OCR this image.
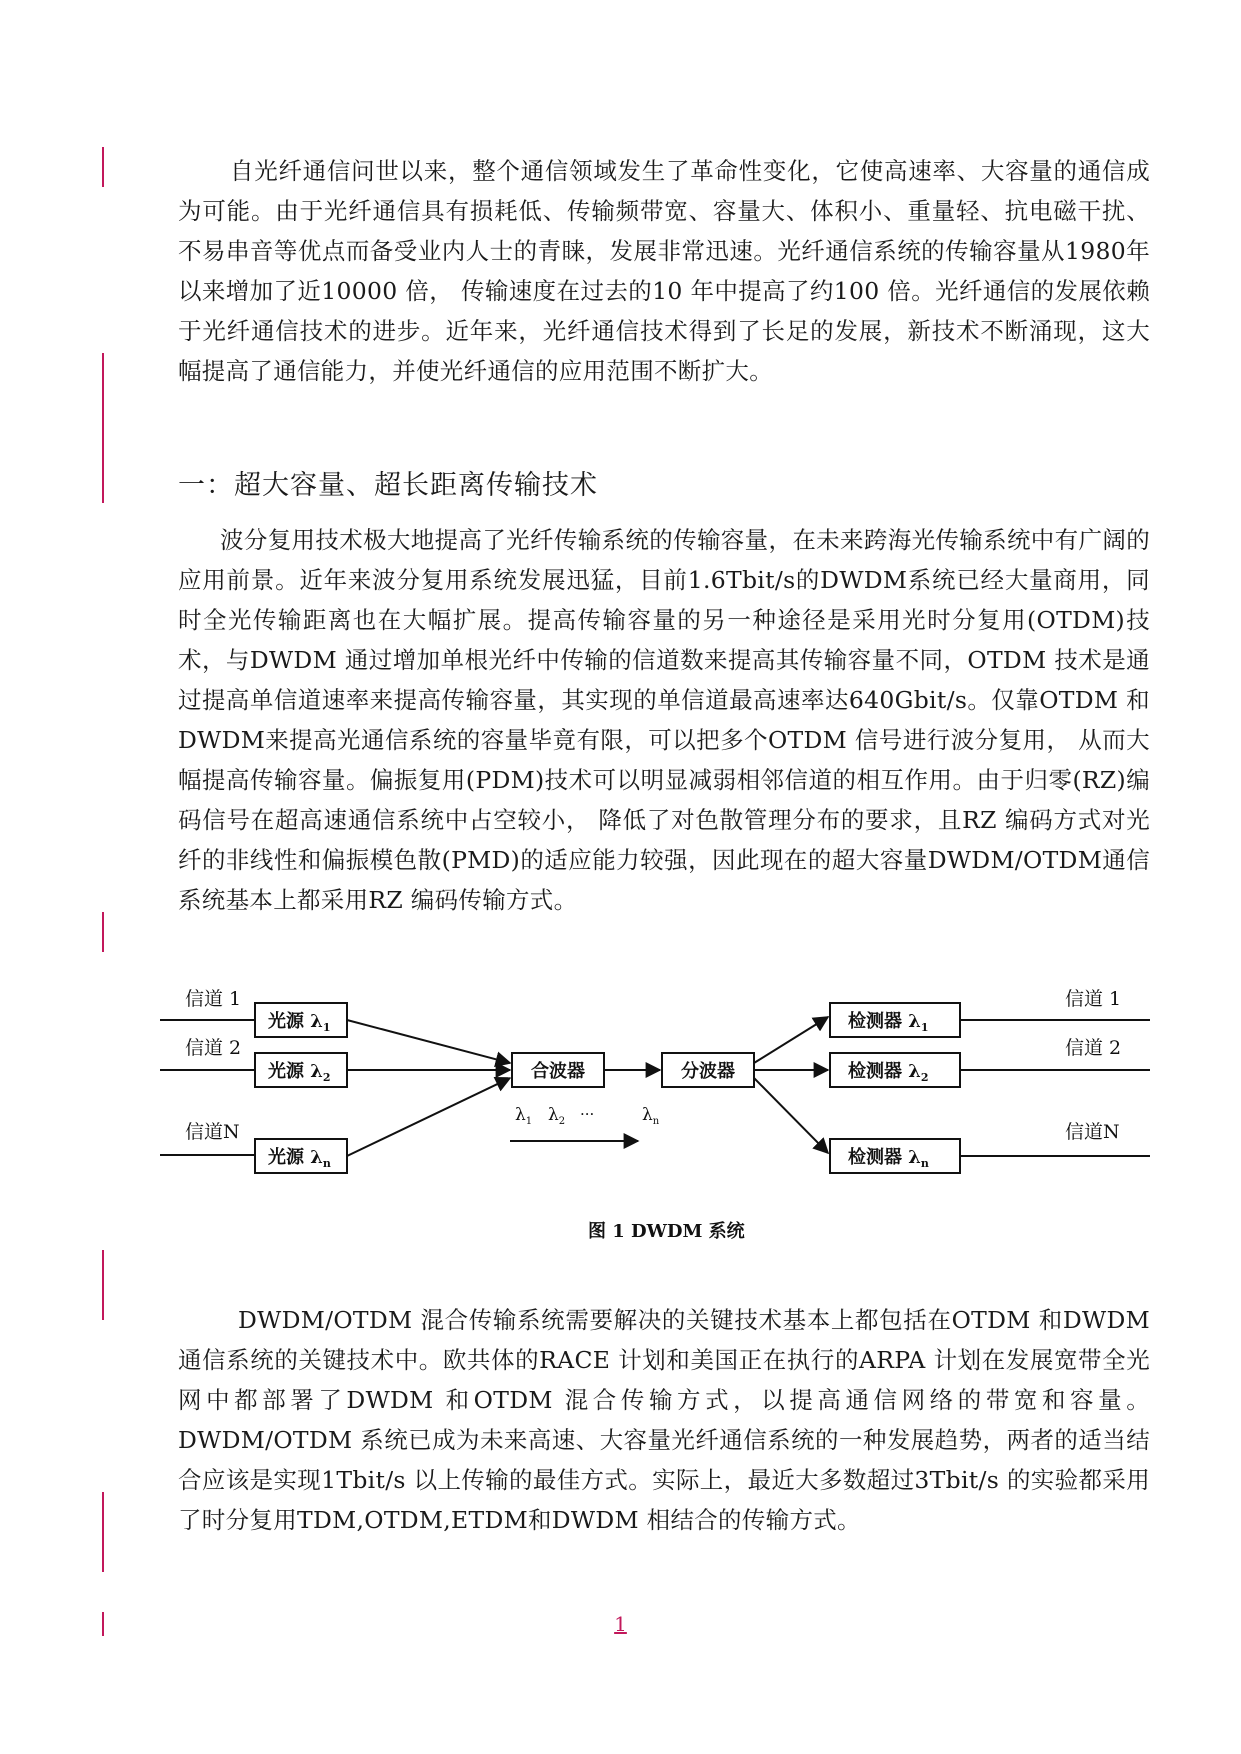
自光纤通信问世以来，整个通信领域发生了革命性变化，它使高速率、大容量的通信成为可能。由于光纤通信具有损耗低、传输频带宽、容量大、体积小、重量轻、抗电磁干扰、不易串音等优点而备受业内人士的青睐，发展非常迅速。光纤通信系统的传输容量从1980年以来增加了近10000 倍， 传输速度在过去的10 年中提高了约100 倍。光纤通信的发展依赖于光纤通信技术的进步。近年来，光纤通信技术得到了长足的发展，新技术不断涌现，这大幅提高了通信能力，并使光纤通信的应用范围不断扩大。

一：超大容量、超长距离传输技术

波分复用技术极大地提高了光纤传输系统的传输容量，在未来跨海光传输系统中有广阔的应用前景。近年来波分复用系统发展迅猛，目前1.6Tbit/s的DWDM系统已经大量商用，同时全光传输距离也在大幅扩展。提高传输容量的另一种途径是采用光时分复用(OTDM)技术，与DWDM 通过增加单根光纤中传输的信道数来提高其传输容量不同，OTDM 技术是通过提高单信道速率来提高传输容量，其实现的单信道最高速率达640Gbit/s。仅靠OTDM 和DWDM来提高光通信系统的容量毕竟有限，可以把多个OTDM 信号进行波分复用， 从而大幅提高传输容量。偏振复用(PDM)技术可以明显减弱相邻信道的相互作用。由于归零(RZ)编码信号在超高速通信系统中占空较小， 降低了对色散管理分布的要求，且RZ 编码方式对光纤的非线性和偏振模色散(PMD)的适应能力较强，因此现在的超大容量DWDM/OTDM通信系统基本上都采用RZ 编码传输方式。

信道 1
信道 2
信道N
光源 $\lambda_1$
光源 $\lambda_2$
光源 $\lambda_n$
合波器	分波器
$\lambda_1$ $\lambda_2$ ···	$\lambda_n$
检测器 $\lambda_1$
检测器 $\lambda_2$
检测器 $\lambda_n$
信道 1
信道 2
信道N
图 1 DWDM 系统

DWDM/OTDM 混合传输系统需要解决的关键技术基本上都包括在OTDM 和DWDM 通信系统的关键技术中。欧共体的RACE 计划和美国正在执行的ARPA 计划在发展宽带全光网中都部署了DWDM 和OTDM 混合传输方式，以提高通信网络的带宽和容量。DWDM/OTDM 系统已成为未来高速、大容量光纤通信系统的一种发展趋势，两者的适当结合应该是实现1Tbit/s 以上传输的最佳方式。实际上，最近大多数超过3Tbit/s 的实验都采用了时分复用TDM,OTDM,ETDM和DWDM 相结合的传输方式。

1
